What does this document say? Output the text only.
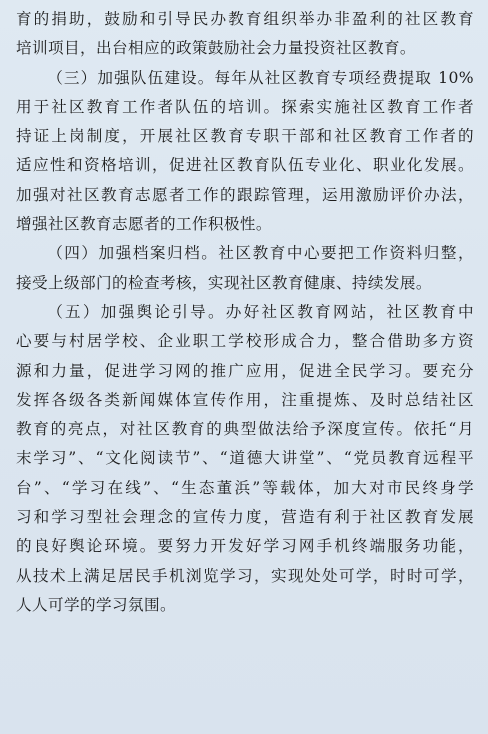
育的捐助，鼓励和引导民办教育组织举办非盈利的社区教育
培训项目，出台相应的政策鼓励社会力量投资社区教育。

（三）加强队伍建设。每年从社区教育专项经费提取 10%
用于社区教育工作者队伍的培训。探索实施社区教育工作者
持证上岗制度，开展社区教育专职干部和社区教育工作者的
适应性和资格培训，促进社区教育队伍专业化、职业化发展。
加强对社区教育志愿者工作的跟踪管理，运用激励评价办法，
增强社区教育志愿者的工作积极性。

（四）加强档案归档。社区教育中心要把工作资料归整，
接受上级部门的检查考核，实现社区教育健康、持续发展。

（五）加强舆论引导。办好社区教育网站，社区教育中
心要与村居学校、企业职工学校形成合力，整合借助多方资
源和力量，促进学习网的推广应用，促进全民学习。要充分
发挥各级各类新闻媒体宣传作用，注重提炼、及时总结社区
教育的亮点，对社区教育的典型做法给予深度宣传。依托“月
末学习”、“文化阅读节”、“道德大讲堂”、“党员教育远程平
台”、“学习在线”、“生态董浜”等载体，加大对市民终身学
习和学习型社会理念的宣传力度，营造有利于社区教育发展
的良好舆论环境。要努力开发好学习网手机终端服务功能，
从技术上满足居民手机浏览学习，实现处处可学，时时可学，
人人可学的学习氛围。
